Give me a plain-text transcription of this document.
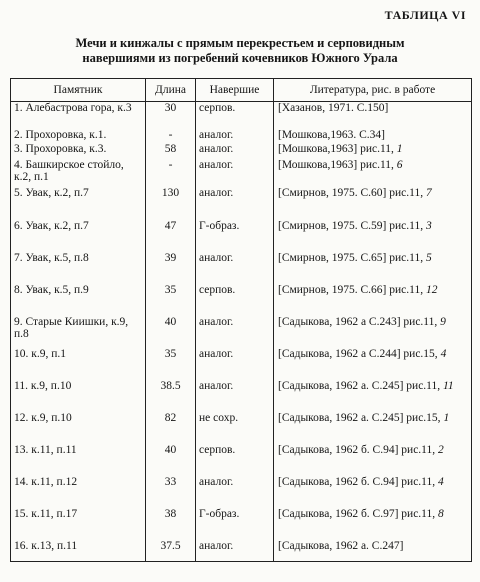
ТАБЛИЦА VI
Мечи и кинжалы с прямым перекрестьем и серповидным
навершиями из погребений кочевников Южного Урала
Памятник	Длина	Навершие	Литература, рис. в работе
1. Алебастрова гора, к.3	30	серпов.	[Хазанов, 1971. С.150]
2. Прохоровка, к.1.	-	аналог.	[Мошкова,1963. С.34]
3. Прохоровка, к.3.	58	аналог.	[Мошкова,1963] рис.11, 1
4. Башкирское стойло, к.2, п.1	-	аналог.	[Мошкова,1963] рис.11, 6
5. Увак, к.2, п.7	130	аналог.	[Смирнов, 1975. С.60] рис.11, 7
6. Увак, к.2, п.7	47	Г-образ.	[Смирнов, 1975. С.59] рис.11, 3
7. Увак, к.5, п.8	39	аналог.	[Смирнов, 1975. С.65] рис.11, 5
8. Увак, к.5, п.9	35	серпов.	[Смирнов, 1975. С.66] рис.11, 12
9. Старые Киишки, к.9, п.8	40	аналог.	[Садыкова, 1962 а С.243] рис.11, 9
10. к.9, п.1	35	аналог.	[Садыкова, 1962 а С.244] рис.15, 4
11. к.9, п.10	38.5	аналог.	[Садыкова, 1962 а. С.245] рис.11, 11
12. к.9, п.10	82	не сохр.	[Садыкова, 1962 а. С.245] рис.15, 1
13. к.11, п.11	40	серпов.	[Садыкова, 1962 б. С.94] рис.11, 2
14. к.11, п.12	33	аналог.	[Садыкова, 1962 б. С.94] рис.11, 4
15. к.11, п.17	38	Г-образ.	[Садыкова, 1962 б. С.97] рис.11, 8
16. к.13, п.11	37.5	аналог.	[Садыкова, 1962 а. С.247]
